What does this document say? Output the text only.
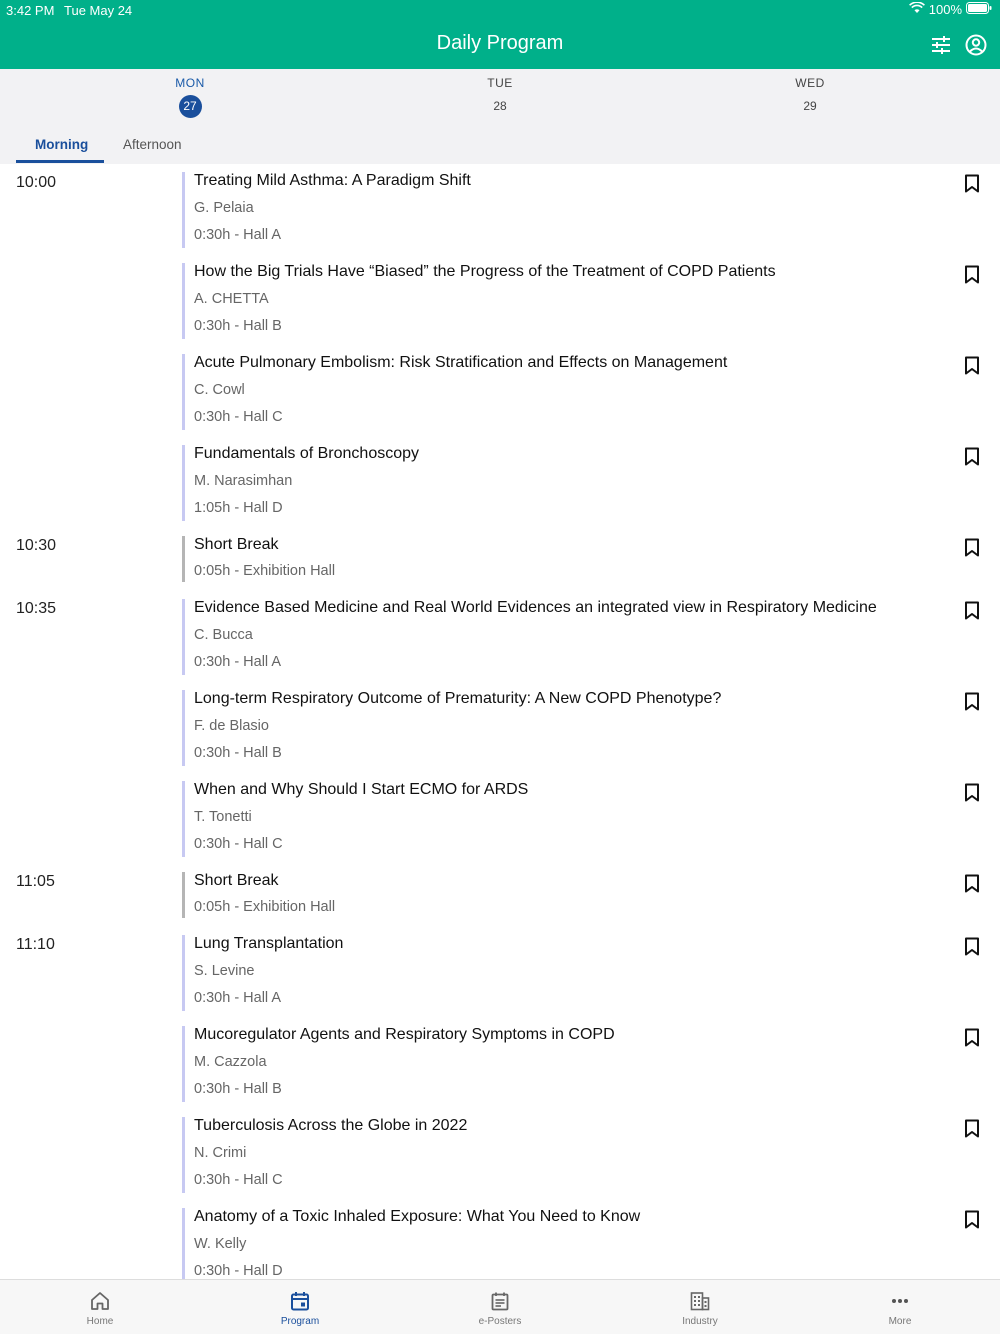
3:42 PM Tue May 24	100%
Daily Program
MON
27
TUE
28
WED
29
Morning	Afternoon
10:00	Treating Mild Asthma: A Paradigm Shift
G. Pelaia
0:30h - Hall A
How the Big Trials Have “Biased” the Progress of the Treatment of COPD Patients
A. CHETTA
0:30h - Hall B
Acute Pulmonary Embolism: Risk Stratification and Effects on Management
C. Cowl
0:30h - Hall C
Fundamentals of Bronchoscopy
M. Narasimhan
1:05h - Hall D
10:30	Short Break
0:05h - Exhibition Hall
10:35	Evidence Based Medicine and Real World Evidences an integrated view in Respiratory Medicine
C. Bucca
0:30h - Hall A
Long-term Respiratory Outcome of Prematurity: A New COPD Phenotype?
F. de Blasio
0:30h - Hall B
When and Why Should I Start ECMO for ARDS
T. Tonetti
0:30h - Hall C
11:05	Short Break
0:05h - Exhibition Hall
11:10	Lung Transplantation
S. Levine
0:30h - Hall A
Mucoregulator Agents and Respiratory Symptoms in COPD
M. Cazzola
0:30h - Hall B
Tuberculosis Across the Globe in 2022
N. Crimi
0:30h - Hall C
Anatomy of a Toxic Inhaled Exposure: What You Need to Know
W. Kelly
0:30h - Hall D
Home	Program	e-Posters	Industry	More
